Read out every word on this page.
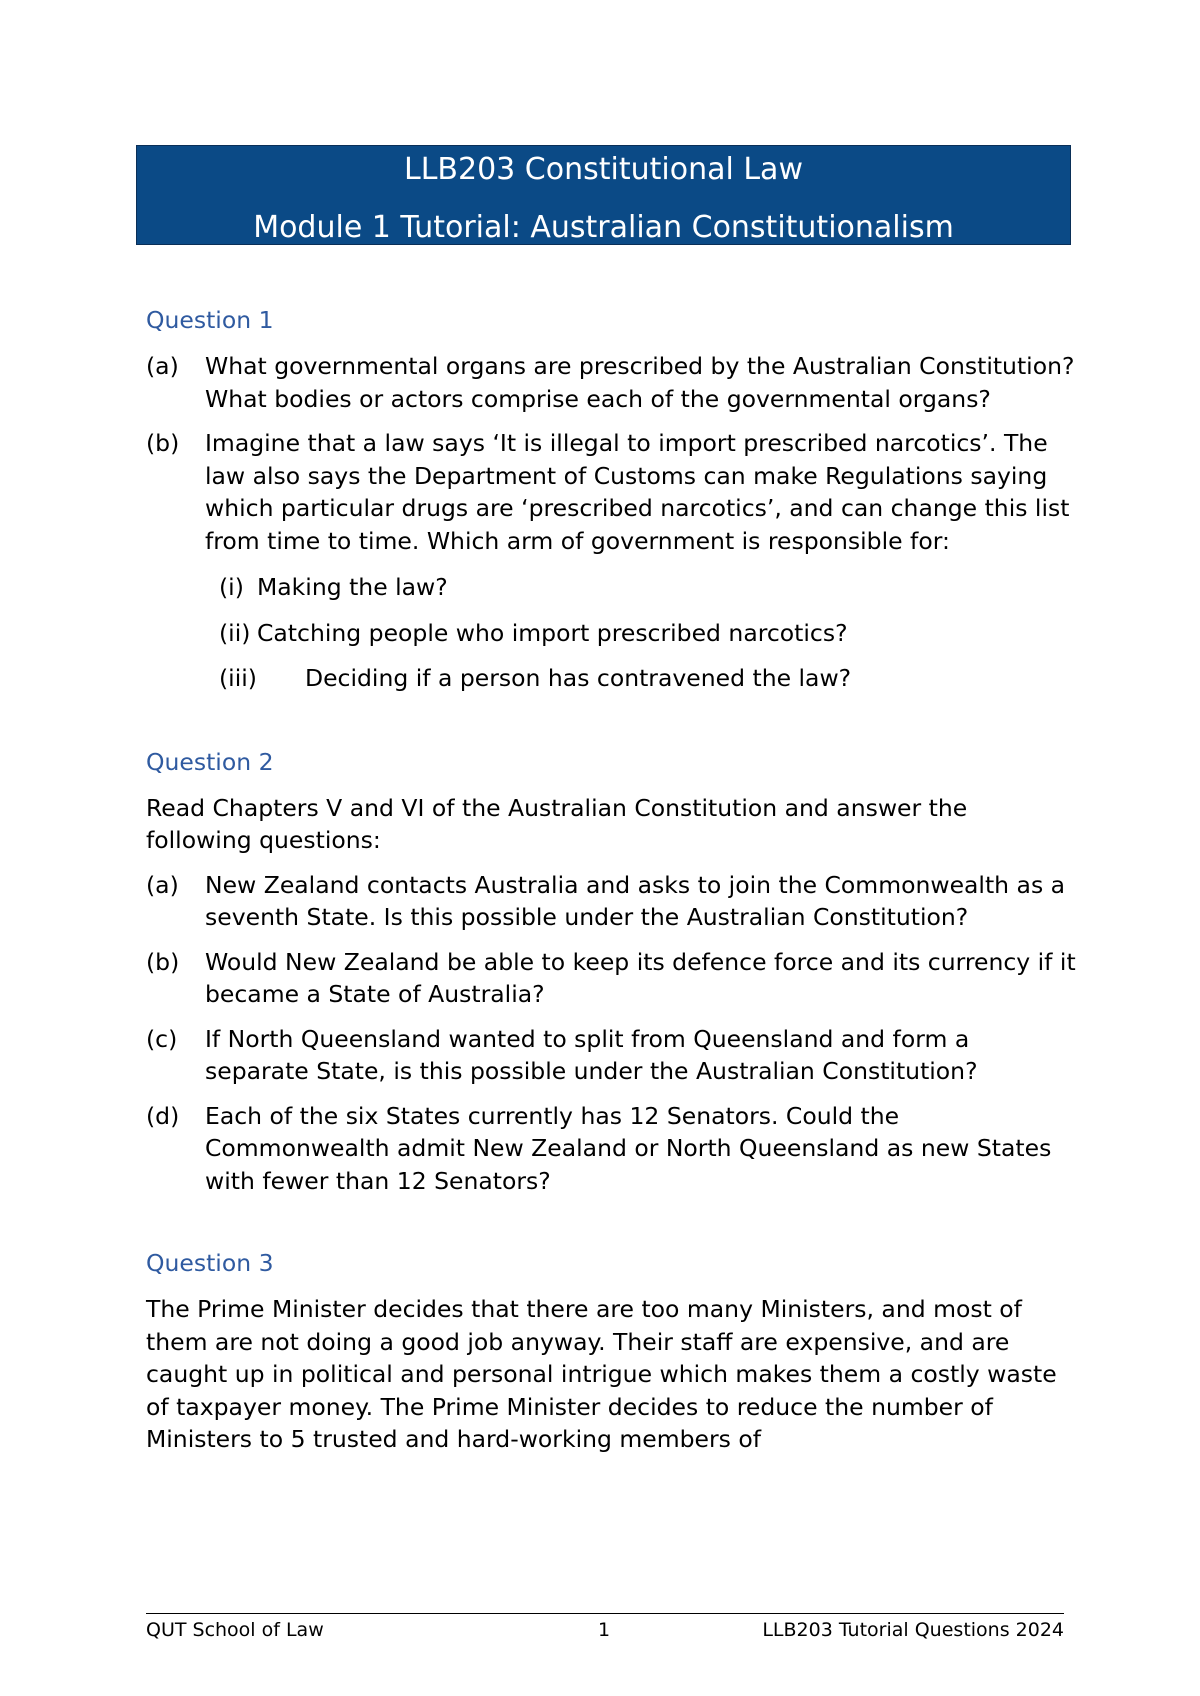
LLB203 Constitutional Law
Module 1 Tutorial: Australian Constitutionalism
Question 1
(a)	What governmental organs are prescribed by the Australian Constitution? What bodies or actors comprise each of the governmental organs?
(b)	Imagine that a law says ‘It is illegal to import prescribed narcotics’. The law also says the Department of Customs can make Regulations saying which particular drugs are ‘prescribed narcotics’, and can change this list from time to time. Which arm of government is responsible for:
(i) Making the law?
(ii) Catching people who import prescribed narcotics?
(iii)	Deciding if a person has contravened the law?
Question 2
Read Chapters V and VI of the Australian Constitution and answer the following questions:
(a)	New Zealand contacts Australia and asks to join the Commonwealth as a seventh State. Is this possible under the Australian Constitution?
(b)	Would New Zealand be able to keep its defence force and its currency if it became a State of Australia?
(c)	If North Queensland wanted to split from Queensland and form a separate State, is this possible under the Australian Constitution?
(d)	Each of the six States currently has 12 Senators. Could the Commonwealth admit New Zealand or North Queensland as new States with fewer than 12 Senators?
Question 3
The Prime Minister decides that there are too many Ministers, and most of them are not doing a good job anyway. Their staff are expensive, and are caught up in political and personal intrigue which makes them a costly waste of taxpayer money. The Prime Minister decides to reduce the number of Ministers to 5 trusted and hard-working members of
QUT School of Law	1	LLB203 Tutorial Questions 2024
